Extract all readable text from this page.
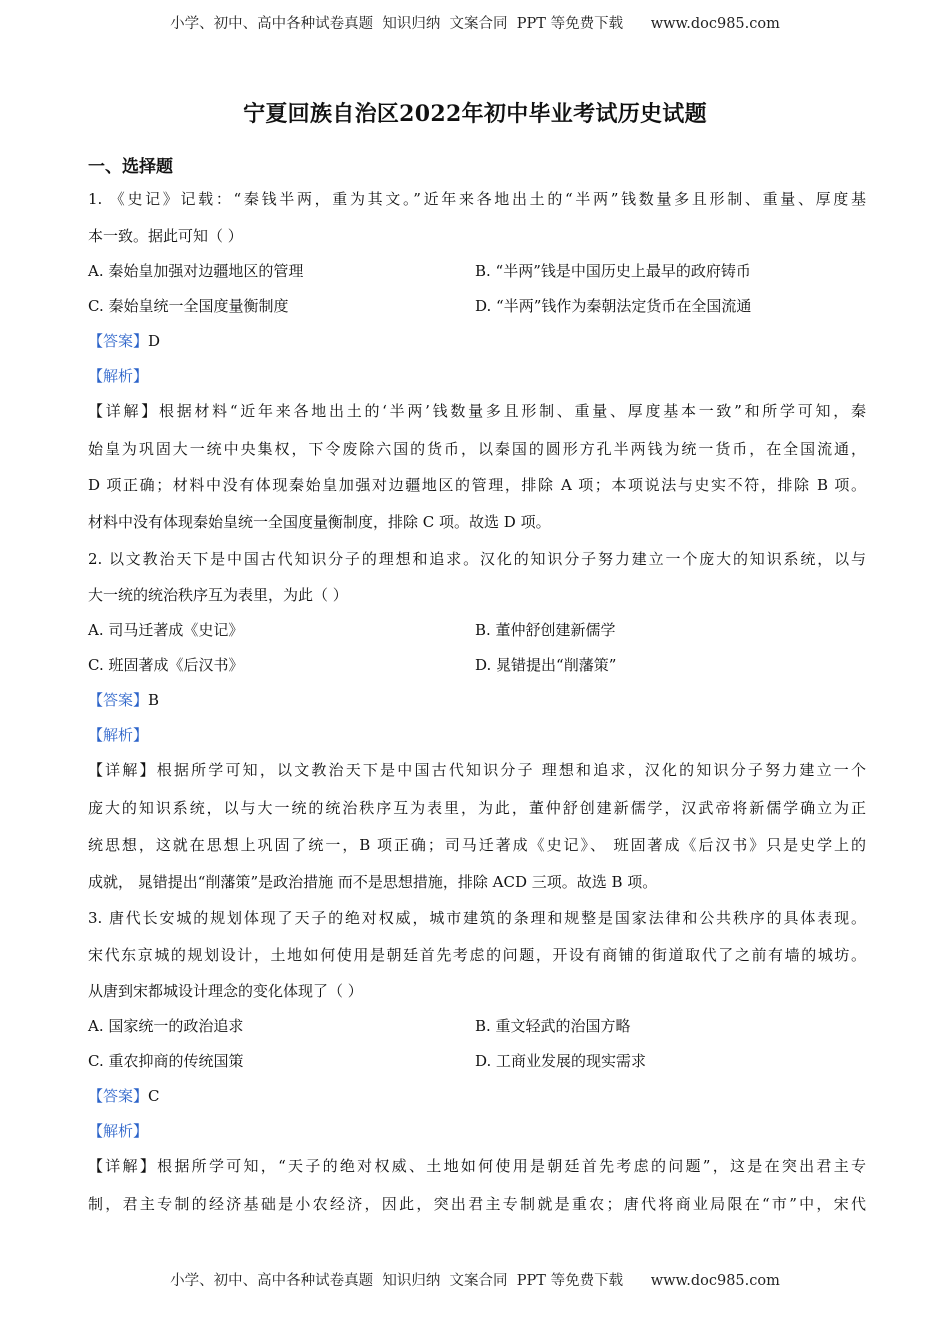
小学、初中、高中各种试卷真题  知识归纳  文案合同  PPT 等免费下载      www.doc985.com
宁夏回族自治区2022年初中毕业考试历史试题
一、选择题
1. 《史记》记载：“秦钱半两，重为其文。”近年来各地出土的“半两”钱数量多且形制、重量、厚度基
本一致。据此可知（ ）
A. 秦始皇加强对边疆地区的管理	B. “半两”钱是中国历史上最早的政府铸币
C. 秦始皇统一全国度量衡制度	D. “半两”钱作为秦朝法定货币在全国流通
【答案】D
【解析】
【详解】根据材料“近年来各地出土的‘半两’钱数量多且形制、重量、厚度基本一致”和所学可知，秦
始皇为巩固大一统中央集权，下令废除六国的货币，以秦国的圆形方孔半两钱为统一货币，在全国流通，
D 项正确；材料中没有体现秦始皇加强对边疆地区的管理，排除 A 项；本项说法与史实不符，排除 B 项。
材料中没有体现秦始皇统一全国度量衡制度，排除 C 项。故选 D 项。
2. 以文教治天下是中国古代知识分子的理想和追求。汉化的知识分子努力建立一个庞大的知识系统，以与
大一统的统治秩序互为表里，为此（ ）
A. 司马迁著成《史记》	B. 董仲舒创建新儒学
C. 班固著成《后汉书》	D. 晁错提出“削藩策”
【答案】B
【解析】
【详解】根据所学可知，以文教治天下是中国古代知识分子 理想和追求，汉化的知识分子努力建立一个
庞大的知识系统，以与大一统的统治秩序互为表里，为此，董仲舒创建新儒学，汉武帝将新儒学确立为正
统思想，这就在思想上巩固了统一，B 项正确；司马迁著成《史记》、 班固著成《后汉书》只是史学上的
成就， 晁错提出“削藩策”是政治措施 而不是思想措施，排除 ACD 三项。故选 B 项。
3. 唐代长安城的规划体现了天子的绝对权威，城市建筑的条理和规整是国家法律和公共秩序的具体表现。
宋代东京城的规划设计，土地如何使用是朝廷首先考虑的问题，开设有商铺的街道取代了之前有墙的城坊。
从唐到宋都城设计理念的变化体现了（ ）
A. 国家统一的政治追求	B. 重文轻武的治国方略
C. 重农抑商的传统国策	D. 工商业发展的现实需求
【答案】C
【解析】
【详解】根据所学可知，“天子的绝对权威、土地如何使用是朝廷首先考虑的问题”，这是在突出君主专
制，君主专制的经济基础是小农经济，因此，突出君主专制就是重农；唐代将商业局限在“市”中，宋代
小学、初中、高中各种试卷真题  知识归纳  文案合同  PPT 等免费下载      www.doc985.com
